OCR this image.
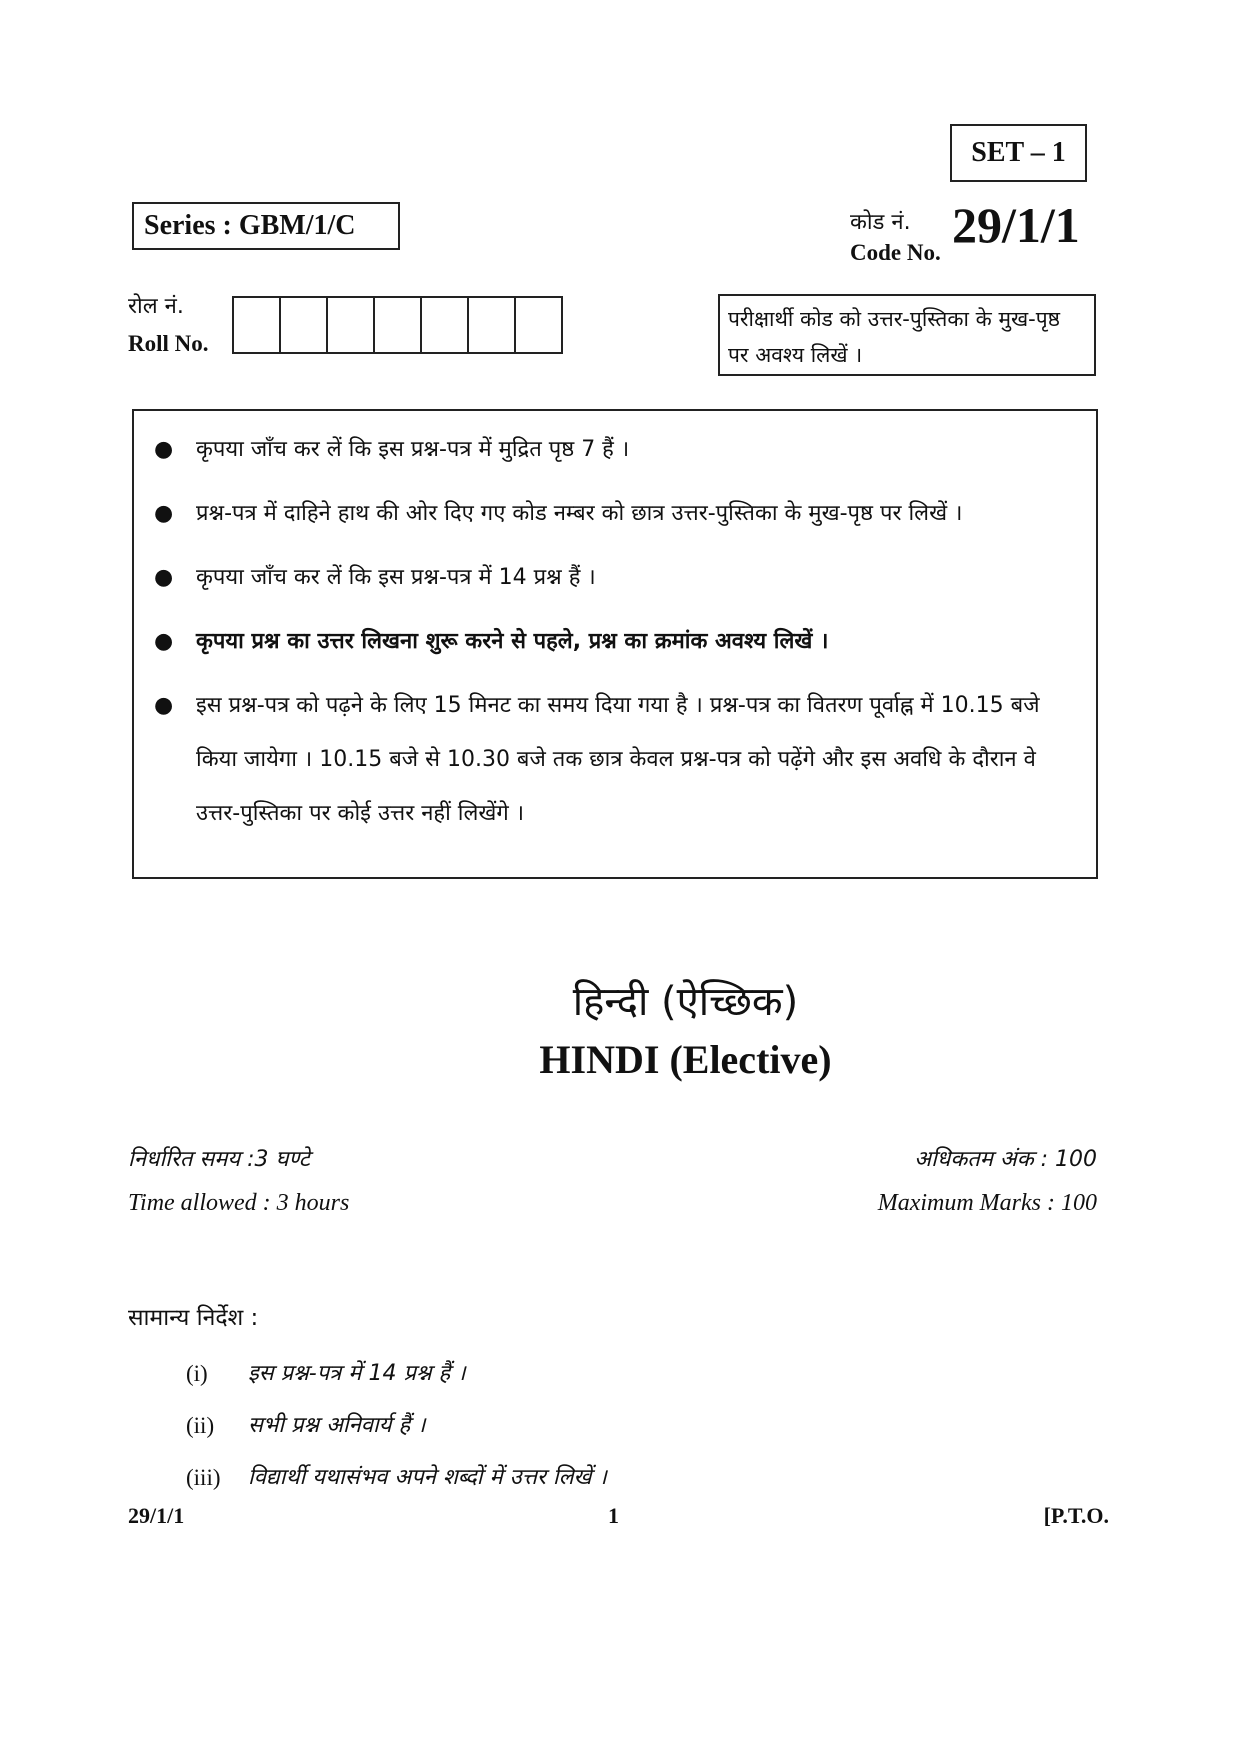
SET – 1
Series : GBM/1/C	कोड नं.
Code No. 29/1/1
रोल नं.
Roll No.
परीक्षार्थी कोड को उत्तर-पुस्तिका के मुख-पृष्ठ पर अवश्य लिखें ।
● कृपया जाँच कर लें कि इस प्रश्न-पत्र में मुद्रित पृष्ठ 7 हैं ।
● प्रश्न-पत्र में दाहिने हाथ की ओर दिए गए कोड नम्बर को छात्र उत्तर-पुस्तिका के मुख-पृष्ठ पर लिखें ।
● कृपया जाँच कर लें कि इस प्रश्न-पत्र में 14 प्रश्न हैं ।
● कृपया प्रश्न का उत्तर लिखना शुरू करने से पहले, प्रश्न का क्रमांक अवश्य लिखें ।
● इस प्रश्न-पत्र को पढ़ने के लिए 15 मिनट का समय दिया गया है । प्रश्न-पत्र का वितरण पूर्वाह्न में 10.15 बजे किया जायेगा । 10.15 बजे से 10.30 बजे तक छात्र केवल प्रश्न-पत्र को पढ़ेंगे और इस अवधि के दौरान वे उत्तर-पुस्तिका पर कोई उत्तर नहीं लिखेंगे ।
हिन्दी (ऐच्छिक)
HINDI (Elective)
निर्धारित समय :3 घण्टे
Time allowed : 3 hours
अधिकतम अंक : 100
Maximum Marks : 100
सामान्य निर्देश :
(i)	इस प्रश्न-पत्र में 14 प्रश्न हैं ।
(ii)	सभी प्रश्न अनिवार्य हैं ।
(iii)	विद्यार्थी यथासंभव अपने शब्दों में उत्तर लिखें ।
29/1/1	1	[P.T.O.
